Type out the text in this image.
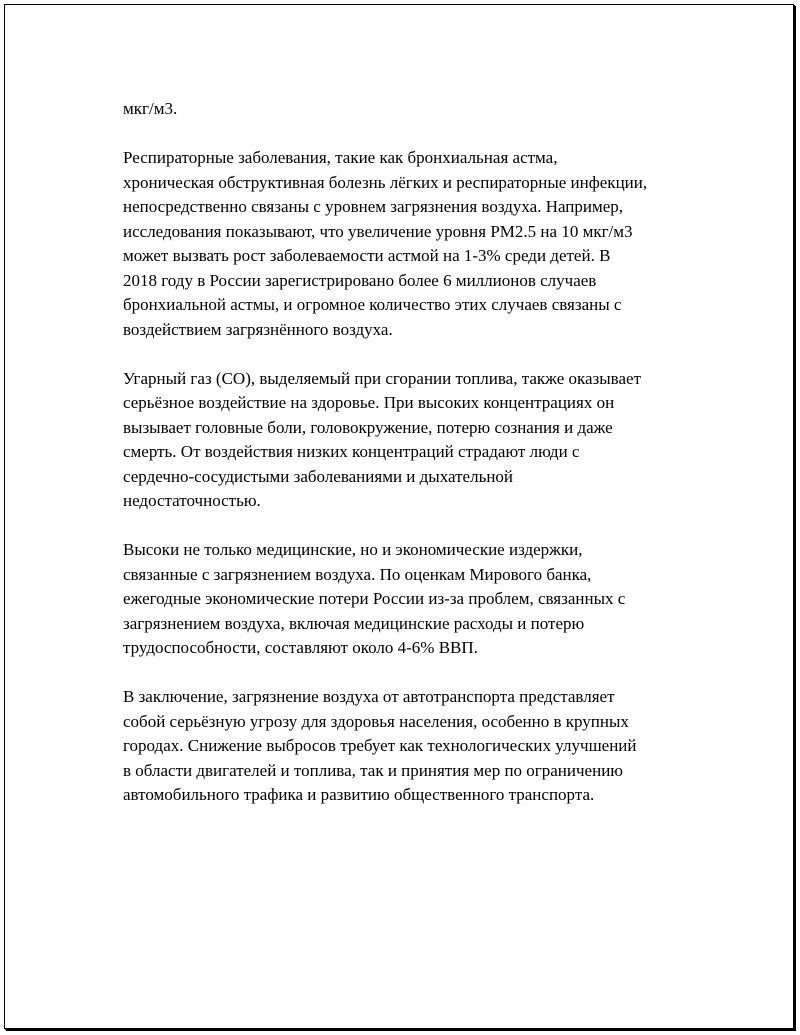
мкг/м3.

Респираторные заболевания, такие как бронхиальная астма,
хроническая обструктивная болезнь лёгких и респираторные инфекции,
непосредственно связаны с уровнем загрязнения воздуха. Например,
исследования показывают, что увеличение уровня PM2.5 на 10 мкг/м3
может вызвать рост заболеваемости астмой на 1-3% среди детей. В
2018 году в России зарегистрировано более 6 миллионов случаев
бронхиальной астмы, и огромное количество этих случаев связаны с
воздействием загрязнённого воздуха.

Угарный газ (CO), выделяемый при сгорании топлива, также оказывает
серьёзное воздействие на здоровье. При высоких концентрациях он
вызывает головные боли, головокружение, потерю сознания и даже
смерть. От воздействия низких концентраций страдают люди с
сердечно-сосудистыми заболеваниями и дыхательной
недостаточностью.

Высоки не только медицинские, но и экономические издержки,
связанные с загрязнением воздуха. По оценкам Мирового банка,
ежегодные экономические потери России из-за проблем, связанных с
загрязнением воздуха, включая медицинские расходы и потерю
трудоспособности, составляют около 4-6% ВВП.

В заключение, загрязнение воздуха от автотранспорта представляет
собой серьёзную угрозу для здоровья населения, особенно в крупных
городах. Снижение выбросов требует как технологических улучшений
в области двигателей и топлива, так и принятия мер по ограничению
автомобильного трафика и развитию общественного транспорта.
